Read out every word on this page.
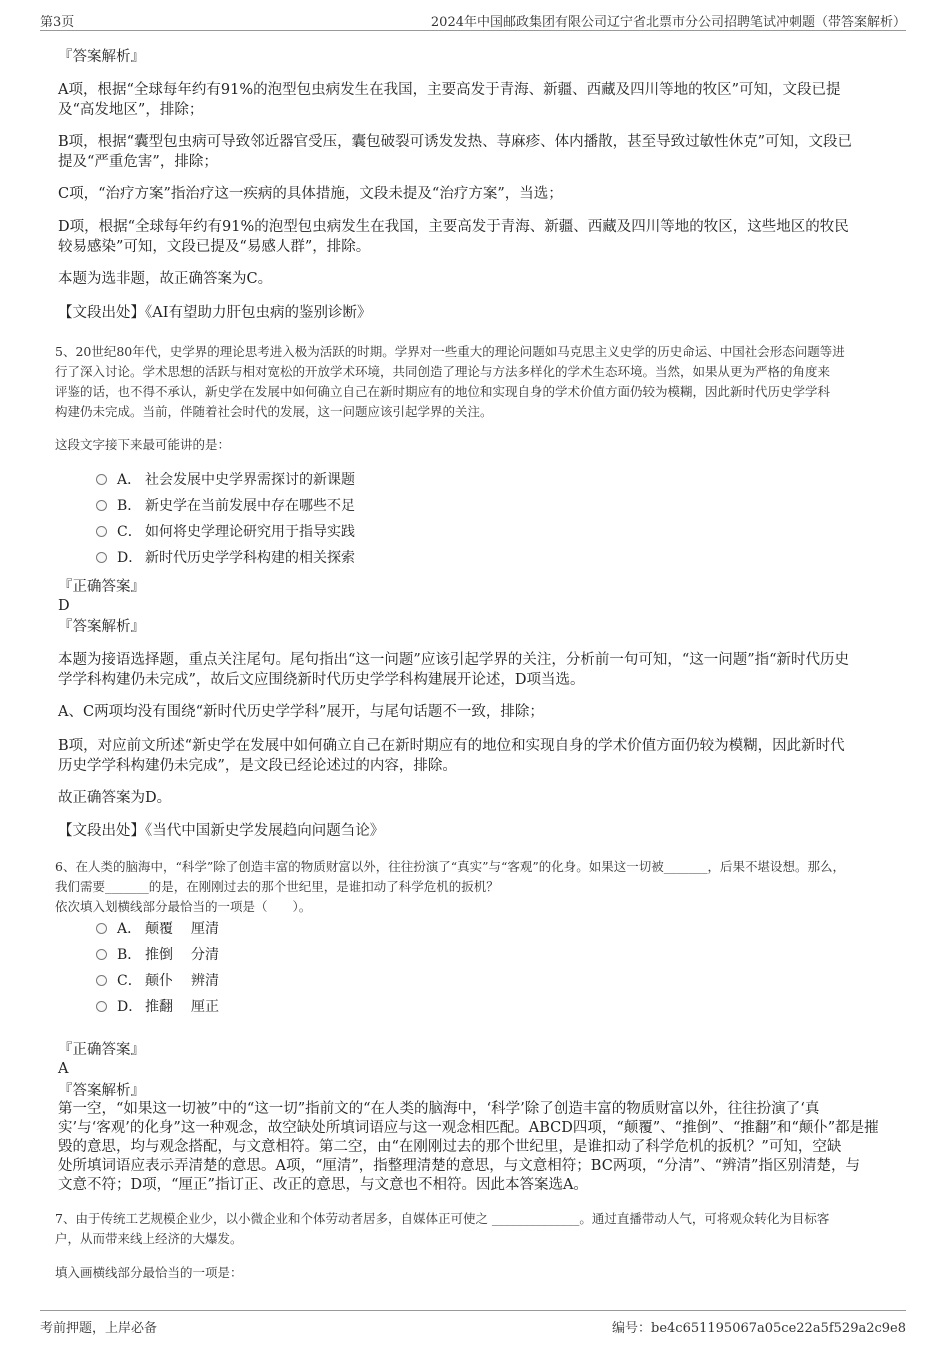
第3页	2024年中国邮政集团有限公司辽宁省北票市分公司招聘笔试冲刺题（带答案解析）
『答案解析』
A项，根据“全球每年约有91%的泡型包虫病发生在我国，主要高发于青海、新疆、西藏及四川等地的牧区”可知，文段已提
及“高发地区”，排除；
B项，根据“囊型包虫病可导致邻近器官受压，囊包破裂可诱发发热、荨麻疹、体内播散，甚至导致过敏性休克”可知，文段已
提及“严重危害”，排除；
C项，“治疗方案”指治疗这一疾病的具体措施，文段未提及“治疗方案”，当选；
D项，根据“全球每年约有91%的泡型包虫病发生在我国，主要高发于青海、新疆、西藏及四川等地的牧区，这些地区的牧民
较易感染”可知，文段已提及“易感人群”，排除。
本题为选非题，故正确答案为C。
【文段出处】《AI有望助力肝包虫病的鉴别诊断》
5、20世纪80年代，史学界的理论思考进入极为活跃的时期。学界对一些重大的理论问题如马克思主义史学的历史命运、中国社会形态问题等进
行了深入讨论。学术思想的活跃与相对宽松的开放学术环境，共同创造了理论与方法多样化的学术生态环境。当然，如果从更为严格的角度来
评鉴的话，也不得不承认，新史学在发展中如何确立自己在新时期应有的地位和实现自身的学术价值方面仍较为模糊，因此新时代历史学学科
构建仍未完成。当前，伴随着社会时代的发展，这一问题应该引起学界的关注。
这段文字接下来最可能讲的是：
A． 社会发展中史学界需探讨的新课题
B． 新史学在当前发展中存在哪些不足
C． 如何将史学理论研究用于指导实践
D． 新时代历史学学科构建的相关探索
『正确答案』
D
『答案解析』
本题为接语选择题，重点关注尾句。尾句指出“这一问题”应该引起学界的关注，分析前一句可知，“这一问题”指“新时代历史
学学科构建仍未完成”，故后文应围绕新时代历史学学科构建展开论述，D项当选。
A、C两项均没有围绕“新时代历史学学科”展开，与尾句话题不一致，排除；
B项，对应前文所述“新史学在发展中如何确立自己在新时期应有的地位和实现自身的学术价值方面仍较为模糊，因此新时代
历史学学科构建仍未完成”，是文段已经论述过的内容，排除。
故正确答案为D。
【文段出处】《当代中国新史学发展趋向问题刍论》
6、在人类的脑海中，“科学”除了创造丰富的物质财富以外，往往扮演了“真实”与“客观”的化身。如果这一切被_______，后果不堪设想。那么，
我们需要_______的是，在刚刚过去的那个世纪里，是谁扣动了科学危机的扳机？
依次填入划横线部分最恰当的一项是（　　）。
A． 颠覆 厘清
B． 推倒 分清
C． 颠仆 辨清
D． 推翻 厘正
『正确答案』
A
『答案解析』
第一空，“如果这一切被”中的“这一切”指前文的“在人类的脑海中，‘科学’除了创造丰富的物质财富以外，往往扮演了‘真
实’与‘客观’的化身”这一种观念，故空缺处所填词语应与这一观念相匹配。ABCD四项，“颠覆”、“推倒”、“推翻”和“颠仆”都是摧
毁的意思，均与观念搭配，与文意相符。第二空，由“在刚刚过去的那个世纪里，是谁扣动了科学危机的扳机？”可知，空缺
处所填词语应表示弄清楚的意思。A项，“厘清”，指整理清楚的意思，与文意相符；BC两项，“分清”、“辨清”指区别清楚，与
文意不符；D项，“厘正”指订正、改正的意思，与文意也不相符。因此本答案选A。
7、由于传统工艺规模企业少，以小微企业和个体劳动者居多，自媒体正可使之 ______________。通过直播带动人气，可将观众转化为目标客
户，从而带来线上经济的大爆发。
填入画横线部分最恰当的一项是：
考前押题，上岸必备	编号：be4c651195067a05ce22a5f529a2c9e8
